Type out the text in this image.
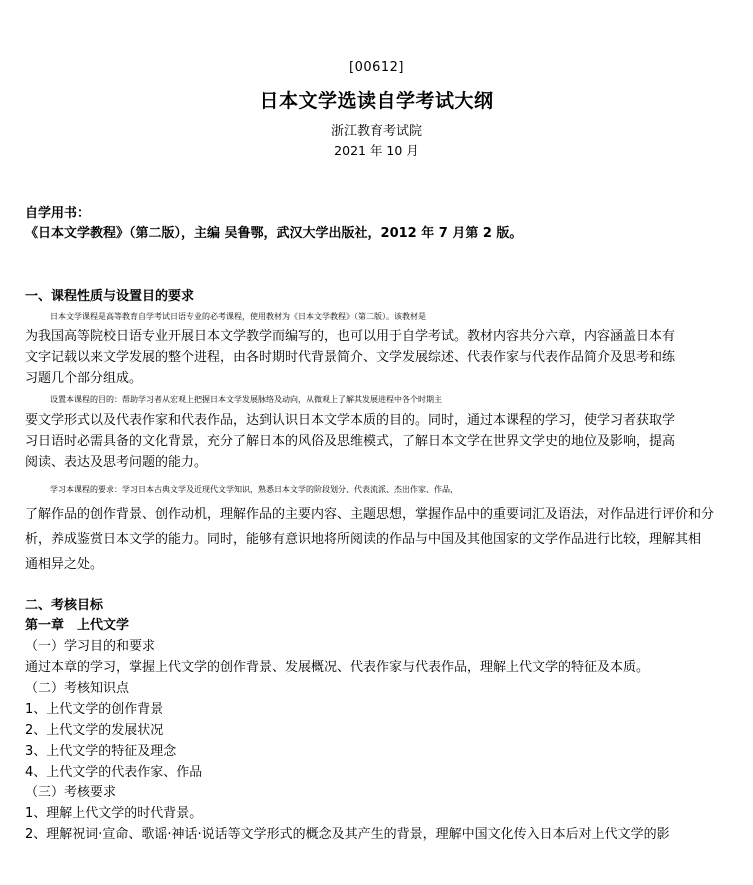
[00612]
日本文学选读自学考试大纲
浙江教育考试院
2021 年 10 月
自学用书：
《日本文学教程》（第二版），主编 吴鲁鄂，武汉大学出版社，2012 年 7 月第 2 版。
一、课程性质与设置目的要求
日本文学课程是高等教育自学考试日语专业的必考课程，使用教材为《日本文学教程》（第二版）。该教材是
为我国高等院校日语专业开展日本文学教学而编写的，也可以用于自学考试。教材内容共分六章，内容涵盖日本有
文字记载以来文学发展的整个进程，由各时期时代背景简介、文学发展综述、代表作家与代表作品简介及思考和练
习题几个部分组成。
设置本课程的目的：帮助学习者从宏观上把握日本文学发展脉络及动向，从微观上了解其发展进程中各个时期主
要文学形式以及代表作家和代表作品，达到认识日本文学本质的目的。同时，通过本课程的学习，使学习者获取学
习日语时必需具备的文化背景，充分了解日本的风俗及思维模式，了解日本文学在世界文学史的地位及影响，提高
阅读、表达及思考问题的能力。
学习本课程的要求：学习日本古典文学及近现代文学知识，熟悉日本文学的阶段划分、代表流派、杰出作家、作品，
了解作品的创作背景、创作动机，理解作品的主要内容、主题思想，掌握作品中的重要词汇及语法，对作品进行评价和分
析，养成鉴赏日本文学的能力。同时，能够有意识地将所阅读的作品与中国及其他国家的文学作品进行比较，理解其相
通相异之处。
二、考核目标
第一章　上代文学
（一）学习目的和要求
通过本章的学习，掌握上代文学的创作背景、发展概况、代表作家与代表作品，理解上代文学的特征及本质。
（二）考核知识点
1、上代文学的创作背景
2、上代文学的发展状况
3、上代文学的特征及理念
4、上代文学的代表作家、作品
（三）考核要求
1、理解上代文学的时代背景。
2、理解祝词·宣命、歌谣·神话·说话等文学形式的概念及其产生的背景，理解中国文化传入日本后对上代文学的影
